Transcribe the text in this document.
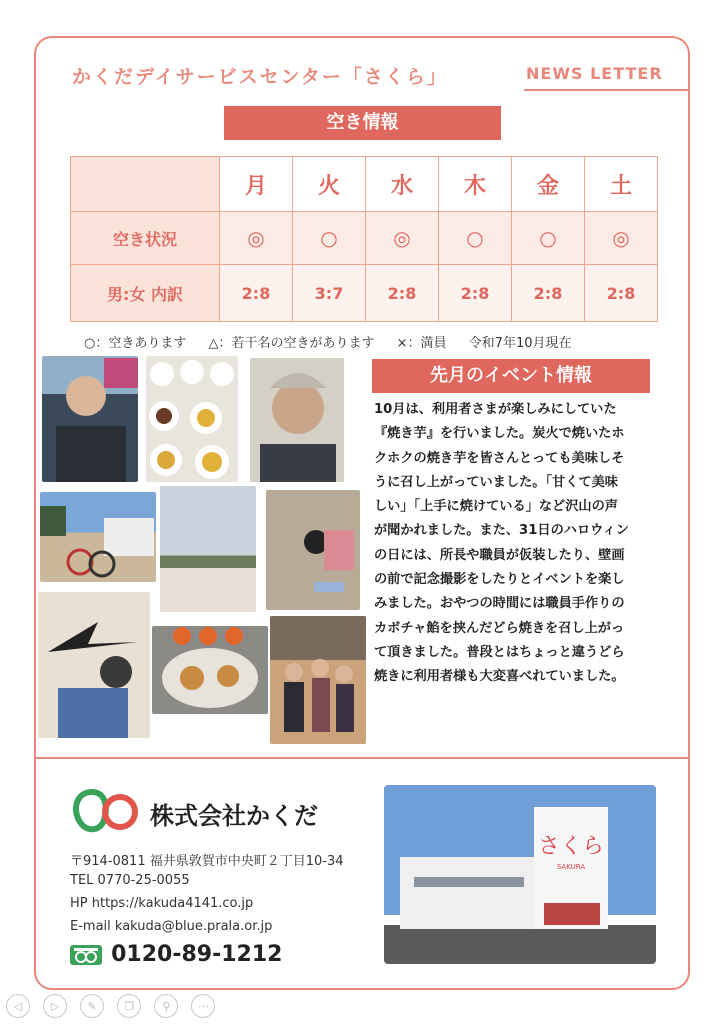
かくだデイサービスセンター「さくら」	NEWS LETTER
空き情報
	月	火	水	木	金	土
空き状況	◎	○	◎	○	○	◎
男:女 内訳	2:8	3:7	2:8	2:8	2:8	2:8
○：空きあります △：若干名の空きがあります ×：満員 令和7年10月現在
先月のイベント情報
10月は、利用者さまが楽しみにしていた
『焼き芋』を行いました。炭火で焼いたホ
クホクの焼き芋を皆さんとっても美味しそ
うに召し上がっていました。「甘くて美味
しい」「上手に焼けている」など沢山の声
が聞かれました。また、31日のハロウィン
の日には、所長や職員が仮装したり、壁画
の前で記念撮影をしたりとイベントを楽し
みました。おやつの時間には職員手作りの
カボチャ餡を挟んだどら焼きを召し上がっ
て頂きました。普段とはちょっと違うどら
焼きに利用者様も大変喜べれていました。
株式会社かくだ
〒914-0811 福井県敦賀市中央町２丁目10-34
TEL 0770-25-0055
HP https://kakuda4141.co.jp
E-mail kakuda@blue.prala.or.jp
0120-89-1212
さくら
SAKURA
◁	▷	✎	❐	⚲	⋯
